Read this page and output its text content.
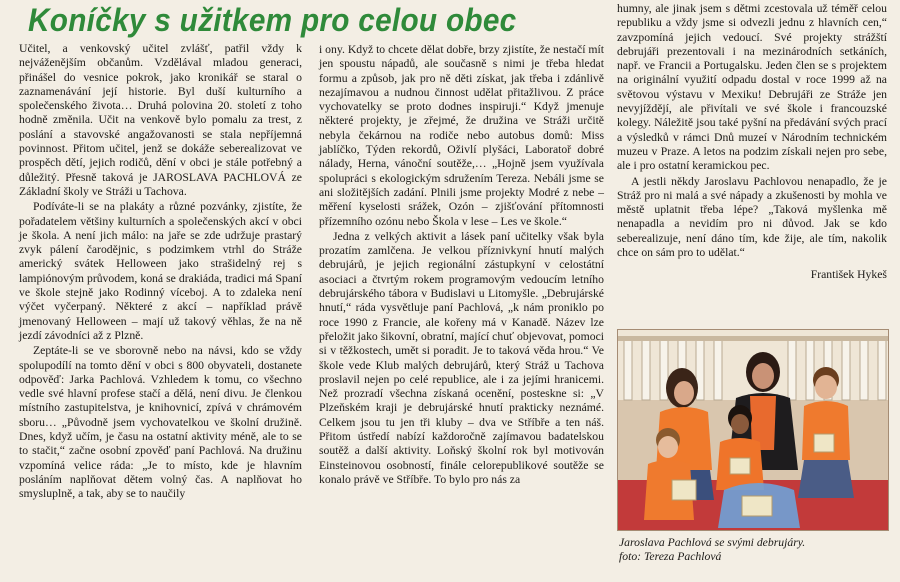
Koníčky s užitkem pro celou obec

Učitel, a venkovský učitel zvlášť, patřil vždy k nejváženějším občanům. Vzdělával mladou generaci, přinášel do vesnice pokrok, jako kronikář se staral o zaznamenávání její historie. Byl duší kulturního a společenského života… Druhá polovina 20. století z toho hodně změnila. Učit na venkově bylo pomalu za trest, z poslání a stavovské angažovanosti se stala nepříjemná povinnost. Přitom učitel, jenž se dokáže seberealizovat ve prospěch dětí, jejich rodičů, dění v obci je stále potřebný a důležitý. Přesně taková je JAROSLAVA PACHLOVÁ ze Základní školy ve Stráži u Tachova.

Podíváte-li se na plakáty a různé pozvánky, zjistíte, že pořadatelem většiny kulturních a společenských akcí v obci je škola. A není jich málo: na jaře se zde udržuje prastarý zvyk pálení čarodějnic, s podzimkem vtrhl do Stráže americký svátek Helloween jako strašidelný rej s lampiónovým průvodem, koná se drakiáda, tradici má Spaní ve škole stejně jako Rodinný víceboj. A to zdaleka není výčet vyčerpaný. Některé z akcí – například právě jmenovaný Helloween – mají už takový věhlas, že na ně jezdí závodníci až z Plzně.

Zeptáte-li se ve sborovně nebo na návsi, kdo se vždy spolupodílí na tomto dění v obci s 800 obyvateli, dostanete odpověď: Jarka Pachlová. Vzhledem k tomu, co všechno vedle své hlavní profese stačí a dělá, není divu. Je členkou místního zastupitelstva, je knihovnicí, zpívá v chrámovém sboru… „Původně jsem vychovatelkou ve školní družině. Dnes, když učím, je času na ostatní aktivity méně, ale to se to stačit,“ začne osobní zpověď paní Pachlová. Na družinu vzpomíná velice ráda: „Je to místo, kde je hlavním posláním naplňovat dětem volný čas. A naplňovat ho smysluplně, a tak, aby se to naučily

i ony. Když to chcete dělat dobře, brzy zjistíte, že nestačí mít jen spoustu nápadů, ale současně s nimi je třeba hledat formu a způsob, jak pro ně děti získat, jak třeba i zdánlivě nezajímavou a nudnou činnost udělat přitažlivou. Z práce vychovatelky se proto dodnes inspiruji.“ Když jmenuje některé projekty, je zřejmé, že družina ve Stráži určitě nebyla čekárnou na rodiče nebo autobus domů: Miss jablíčko, Týden rekordů, Oživlí plyšáci, Laboratoř dobré nálady, Hernа, vánoční soutěže,… „Hojně jsem využívala spolupráci s ekologickým sdružením Tereza. Nebáli jsme se ani složitějších zadání. Plnili jsme projekty Modré z nebe – měření kyselosti srážek, Ozón – zjišťování přítomnosti přízemního ozónu nebo Škola v lese – Les ve škole.“

Jedna z velkých aktivit a lásek paní učitelky však byla prozatím zamlčena. Je velkou příznivkyní hnutí malých debrujárů, je jejich regionální zástupkyní v celostátní asociaci a čtvrtým rokem programovým vedoucím letního debrujárského tábora v Budislavi u Litomyšle. „Debrujárské hnutí,“ ráda vysvětluje paní Pachlová, „k nám proniklo po roce 1990 z Francie, ale kořeny má v Kanadě. Název lze přeložit jako šikovní, obratní, mající chuť objevovat, pomoci si v těžkostech, umět si poradit. Je to taková věda hrou.“ Ve škole vede Klub malých debrujárů, který Stráž u Tachova proslavil nejen po celé republice, ale i za jejími hranicemi. Než prozradí všechna získaná ocenění, posteskne si: „V Plzeňském kraji je debrujárské hnutí prakticky neznámé. Celkem jsou tu jen tři kluby – dva ve Stříbře a ten náš. Přitom ústředí nabízí každoročně zajímavou badatelskou soutěž a další aktivity. Loňský školní rok byl motivován Einsteinovou osobností, finále celorepublikové soutěže se konalo právě ve Stříbře. To bylo pro nás za

humny, ale jinak jsem s dětmi zcestovala už téměř celou republiku a vždy jsme si odvezli jednu z hlavních cen,“ zavzpomíná jejich vedoucí. Své projekty strážští debrujáři prezentovali i na mezinárodních setkáních, např. ve Francii a Portugalsku. Jeden člen se s projektem na originální využití odpadu dostal v roce 1999 až na světovou výstavu v Mexiku! Debrujáři ze Stráže jen nevyjíždějí, ale přivítali ve své škole i francouzské kolegy. Náležitě jsou také pyšní na předávání svých prací a výsledků v rámci Dnů muzeí v Národním technickém muzeu v Praze. A letos na podzim získali nejen pro sebe, ale i pro ostatní keramickou pec.

A jestli někdy Jaroslavu Pachlovou nenapadlo, že je Stráž pro ni malá a své nápady a zkušenosti by mohla ve městě uplatnit třeba lépe? „Taková myšlenka mě nenapadla a nevidím pro ni důvod. Jak se kdo seberealizuje, není dáno tím, kde žije, ale tím, nakolik chce on sám pro to udělat.“

František Hykeš
Jaroslava Pachlová se svými debrujáry.
foto: Tereza Pachlová
